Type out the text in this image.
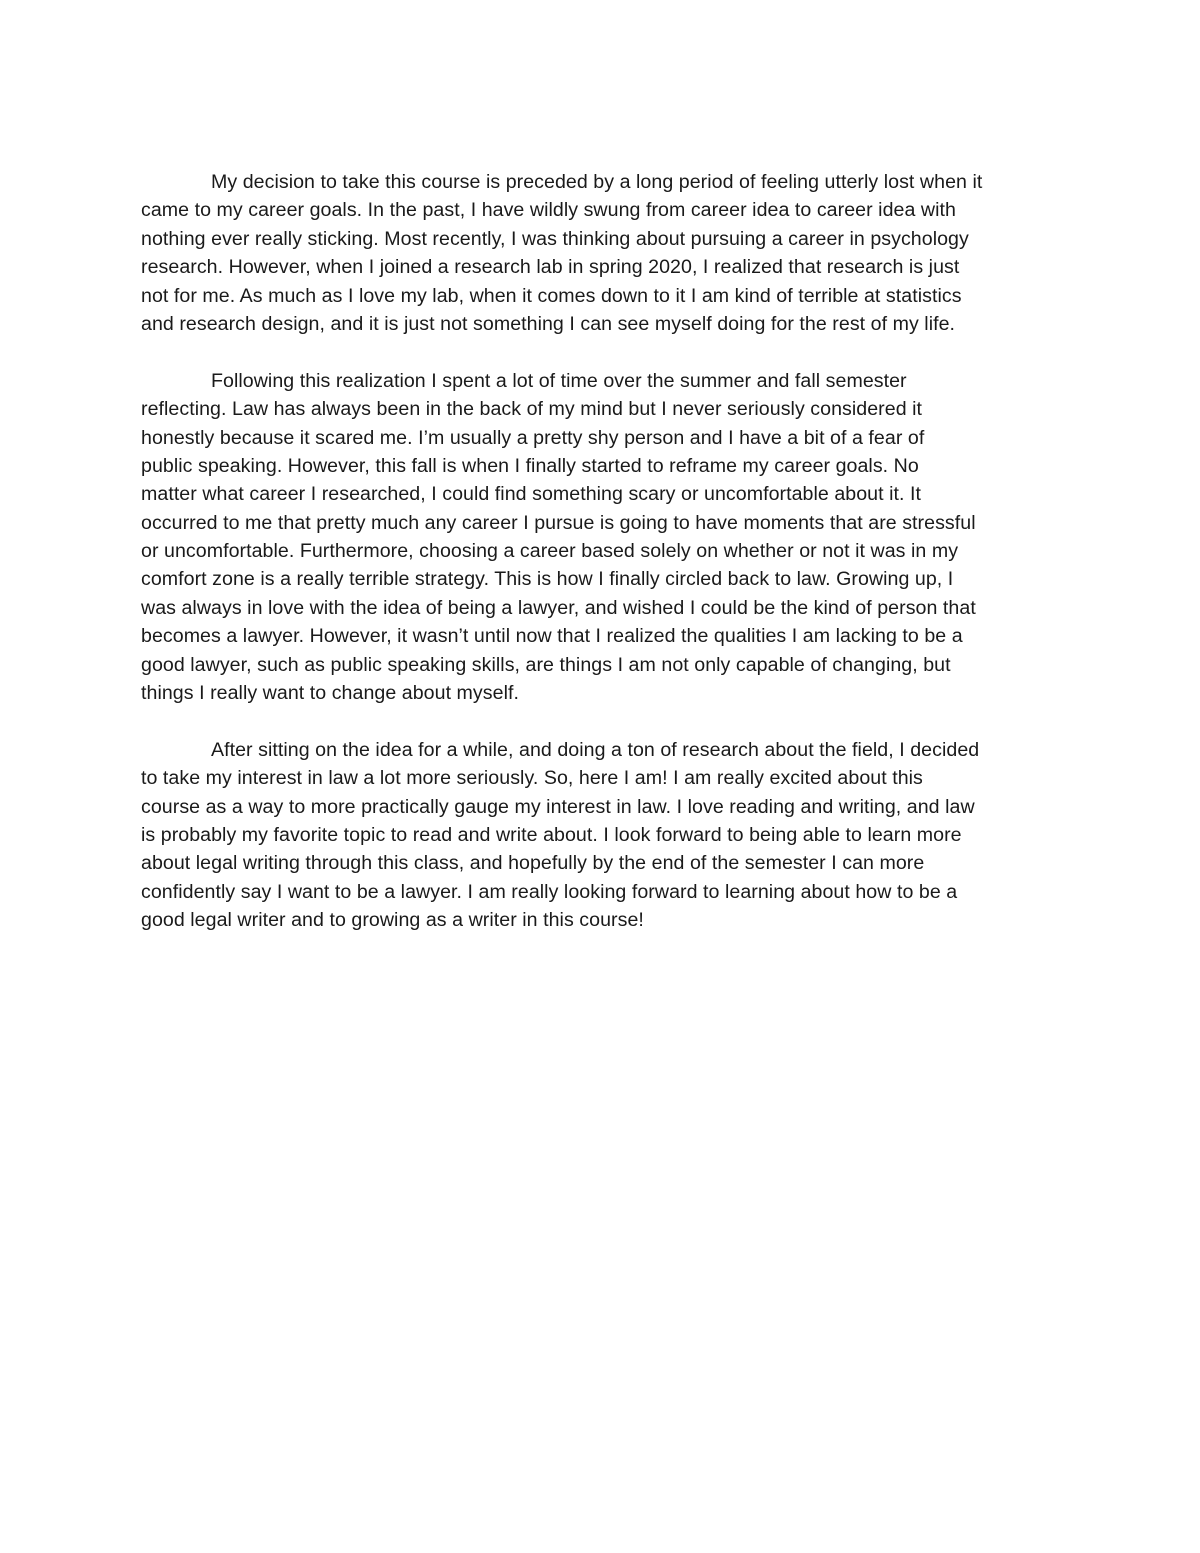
My decision to take this course is preceded by a long period of feeling utterly lost when it
came to my career goals. In the past, I have wildly swung from career idea to career idea with
nothing ever really sticking. Most recently, I was thinking about pursuing a career in psychology
research. However, when I joined a research lab in spring 2020, I realized that research is just
not for me. As much as I love my lab, when it comes down to it I am kind of terrible at statistics
and research design, and it is just not something I can see myself doing for the rest of my life.
Following this realization I spent a lot of time over the summer and fall semester
reflecting. Law has always been in the back of my mind but I never seriously considered it
honestly because it scared me. I’m usually a pretty shy person and I have a bit of a fear of
public speaking. However, this fall is when I finally started to reframe my career goals. No
matter what career I researched, I could find something scary or uncomfortable about it. It
occurred to me that pretty much any career I pursue is going to have moments that are stressful
or uncomfortable. Furthermore, choosing a career based solely on whether or not it was in my
comfort zone is a really terrible strategy. This is how I finally circled back to law. Growing up, I
was always in love with the idea of being a lawyer, and wished I could be the kind of person that
becomes a lawyer. However, it wasn’t until now that I realized the qualities I am lacking to be a
good lawyer, such as public speaking skills, are things I am not only capable of changing, but
things I really want to change about myself.
After sitting on the idea for a while, and doing a ton of research about the field, I decided
to take my interest in law a lot more seriously. So, here I am! I am really excited about this
course as a way to more practically gauge my interest in law. I love reading and writing, and law
is probably my favorite topic to read and write about. I look forward to being able to learn more
about legal writing through this class, and hopefully by the end of the semester I can more
confidently say I want to be a lawyer. I am really looking forward to learning about how to be a
good legal writer and to growing as a writer in this course!
